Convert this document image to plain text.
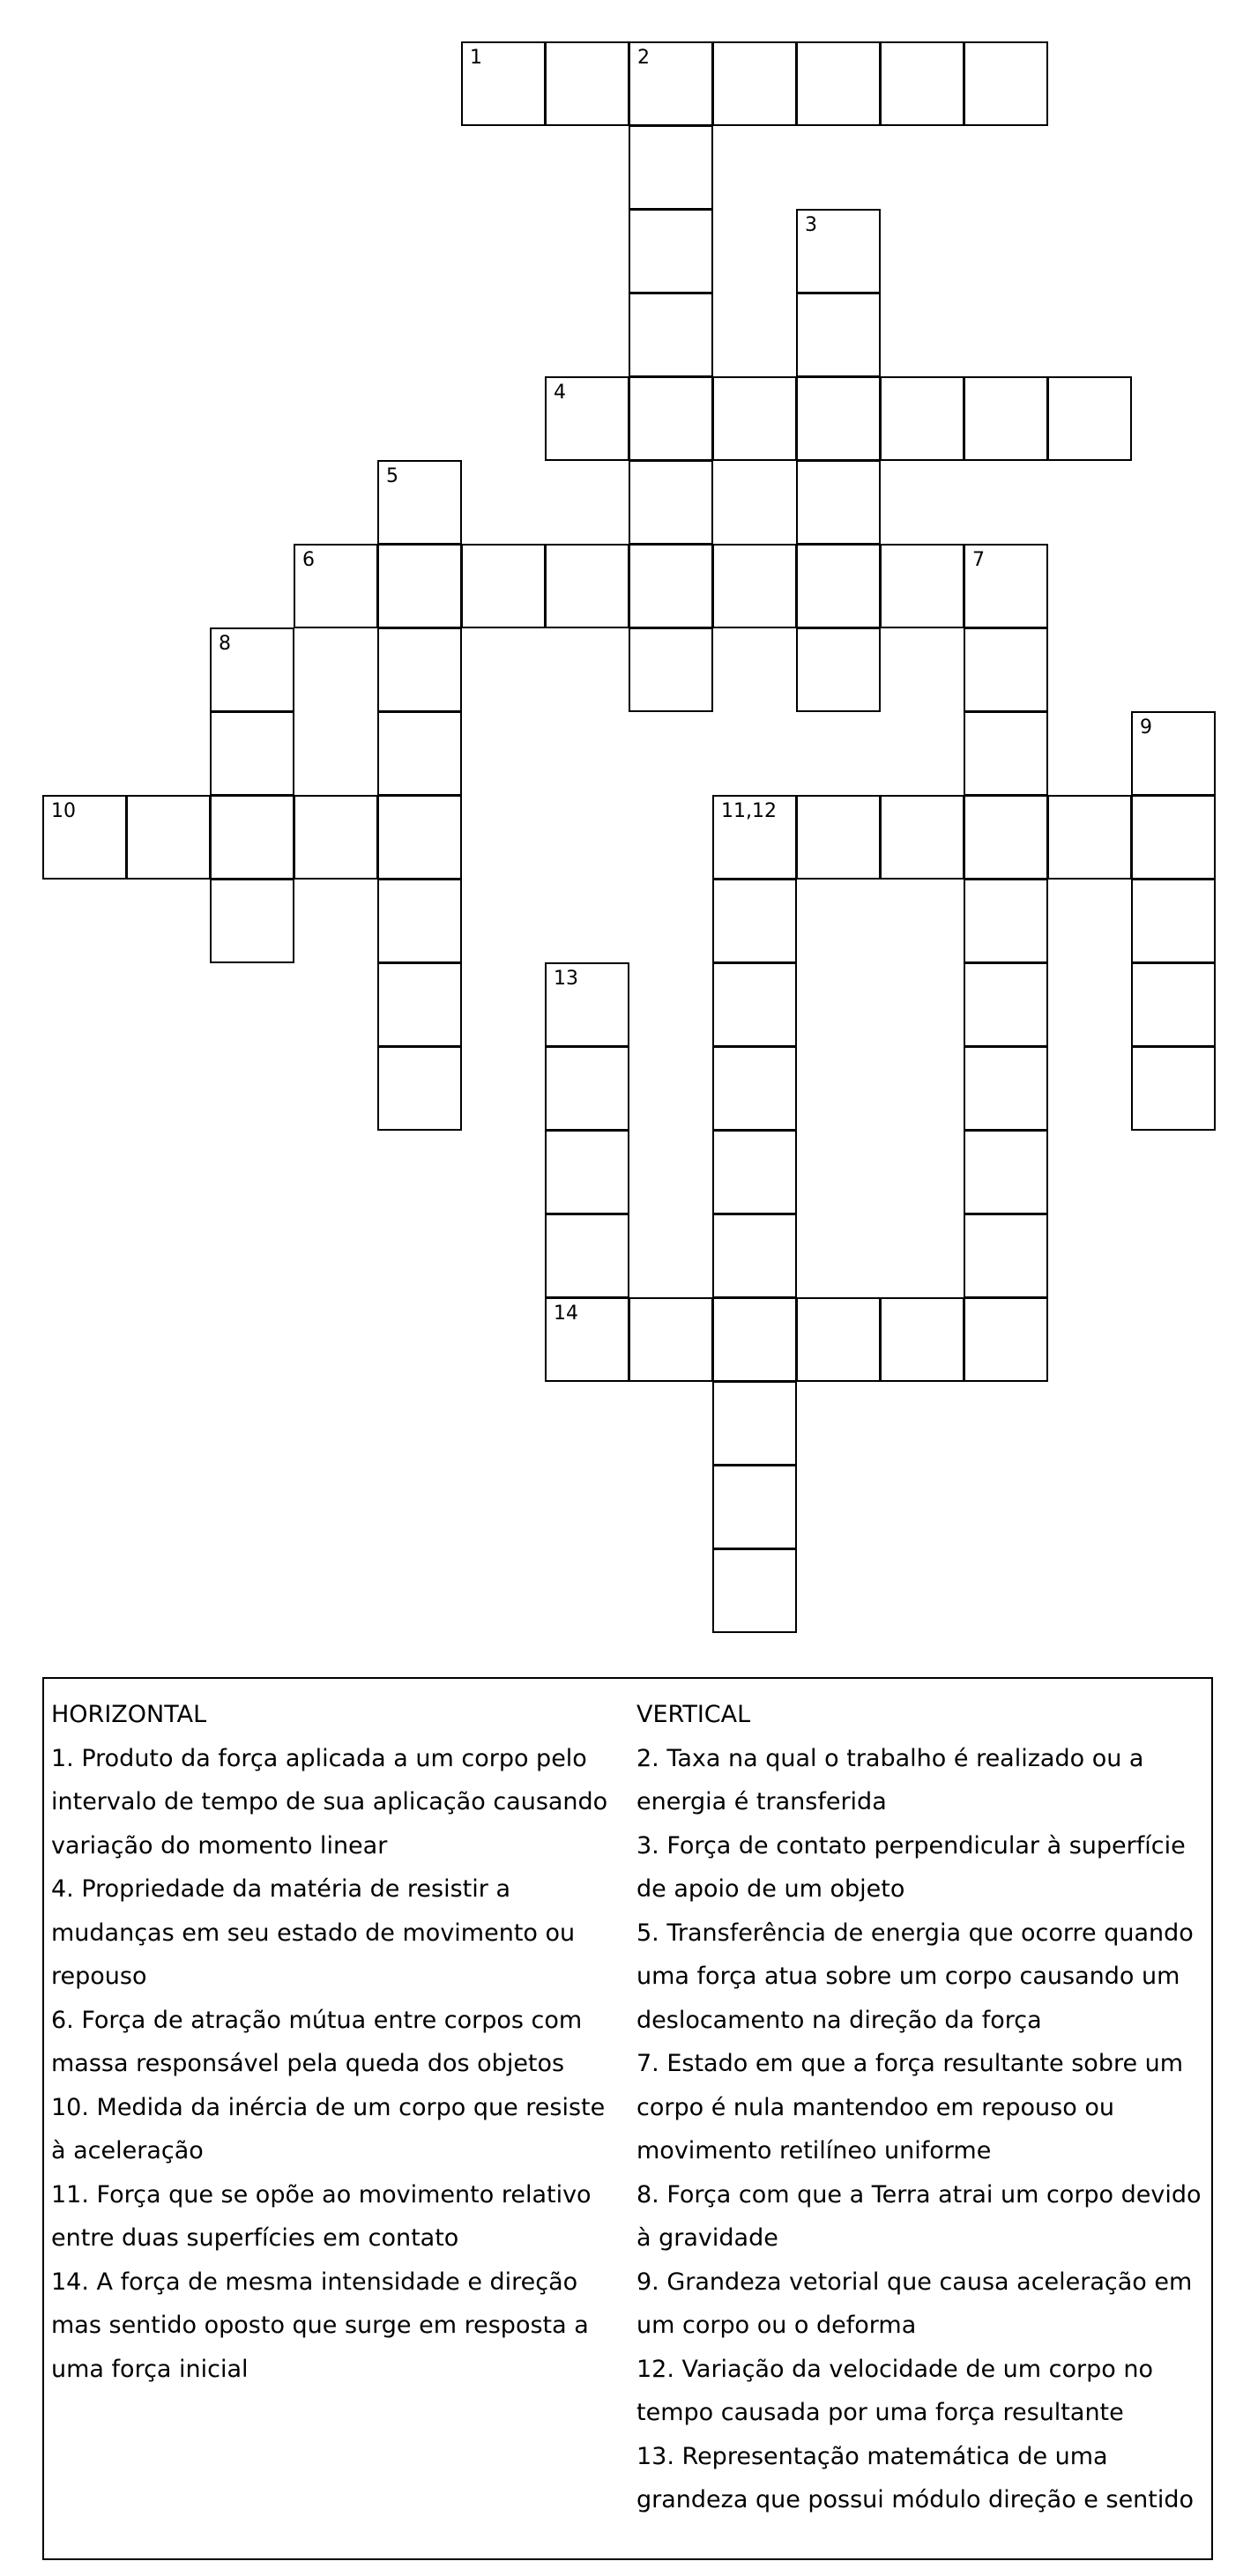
1	2
3
4
5
6	7
8
9
10	11,12
13
14
HORIZONTAL
1. Produto da força aplicada a um corpo pelo
intervalo de tempo de sua aplicação causando
variação do momento linear
4. Propriedade da matéria de resistir a
mudanças em seu estado de movimento ou
repouso
6. Força de atração mútua entre corpos com
massa responsável pela queda dos objetos
10. Medida da inércia de um corpo que resiste
à aceleração
11. Força que se opõe ao movimento relativo
entre duas superfícies em contato
14. A força de mesma intensidade e direção
mas sentido oposto que surge em resposta a
uma força inicial
VERTICAL
2. Taxa na qual o trabalho é realizado ou a
energia é transferida
3. Força de contato perpendicular à superfície
de apoio de um objeto
5. Transferência de energia que ocorre quando
uma força atua sobre um corpo causando um
deslocamento na direção da força
7. Estado em que a força resultante sobre um
corpo é nula mantendoo em repouso ou
movimento retilíneo uniforme
8. Força com que a Terra atrai um corpo devido
à gravidade
9. Grandeza vetorial que causa aceleração em
um corpo ou o deforma
12. Variação da velocidade de um corpo no
tempo causada por uma força resultante
13. Representação matemática de uma
grandeza que possui módulo direção e sentido
